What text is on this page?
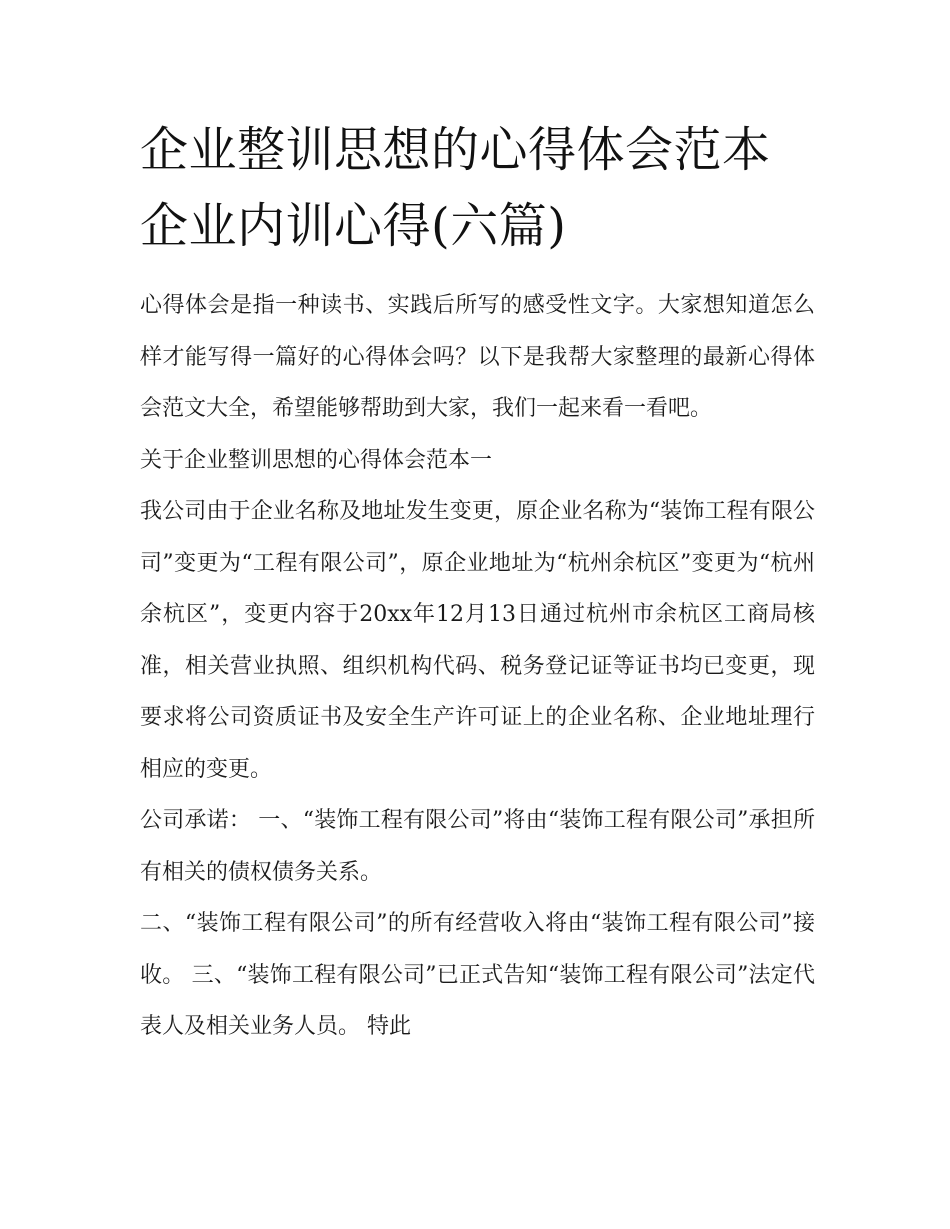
企业整训思想的心得体会范本
企业内训心得(六篇)

心得体会是指一种读书、实践后所写的感受性文字。大家想知道怎么样才能写得一篇好的心得体会吗？以下是我帮大家整理的最新心得体会范文大全，希望能够帮助到大家，我们一起来看一看吧。

关于企业整训思想的心得体会范本一

我公司由于企业名称及地址发生变更，原企业名称为“装饰工程有限公司”变更为“工程有限公司”，原企业地址为“杭州余杭区”变更为“杭州余杭区”，变更内容于20xx年12月13日通过杭州市余杭区工商局核准，相关营业执照、组织机构代码、税务登记证等证书均已变更，现要求将公司资质证书及安全生产许可证上的企业名称、企业地址理行相应的变更。

公司承诺： 一、“装饰工程有限公司”将由“装饰工程有限公司”承担所有相关的债权债务关系。

二、“装饰工程有限公司”的所有经营收入将由“装饰工程有限公司”接收。 三、“装饰工程有限公司”已正式告知“装饰工程有限公司”法定代表人及相关业务人员。 特此
